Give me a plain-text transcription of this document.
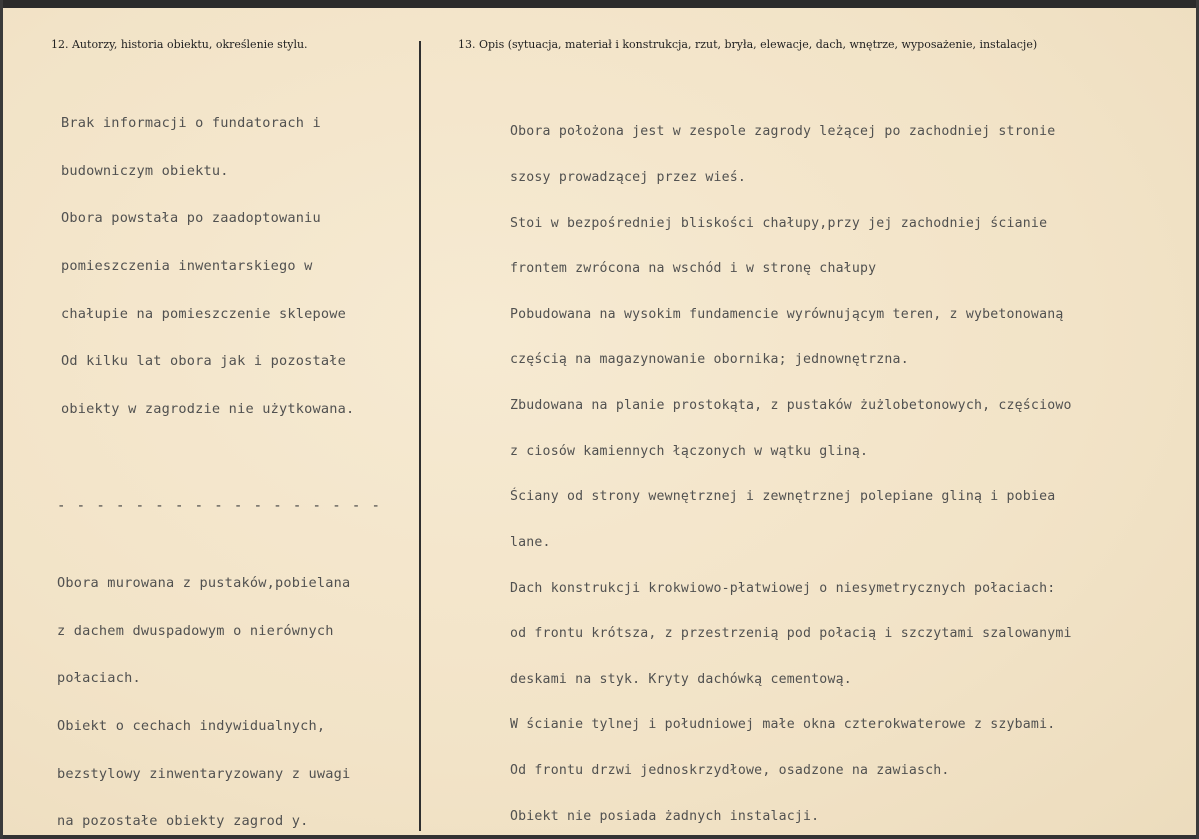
12. Autorzy, historia obiektu, określenie stylu.	13. Opis (sytuacja, materiał i konstrukcja, rzut, bryła, elewacje, dach, wnętrze, wyposażenie, instalacje)

Brak informacji o fundatorach i

budowniczym obiektu.

Obora powstała po zaadoptowaniu

pomieszczenia inwentarskiego w

chałupie na pomieszczenie sklepowe

Od kilku lat obora jak i pozostałe

obiekty w zagrodzie nie użytkowana.

- - - - - - - - - - - - - - - - -

Obora murowana z pustaków,pobielana

z dachem dwuspadowym o nierównych

połaciach.

Obiekt o cechach indywidualnych,

bezstylowy zinwentaryzowany z uwagi

na pozostałe obiekty zagrod y.

Obora położona jest w zespole zagrody leżącej po zachodniej stronie

szosy prowadzącej przez wieś.

Stoi w bezpośredniej bliskości chałupy,przy jej zachodniej ścianie

frontem zwrócona na wschód i w stronę chałupy

Pobudowana na wysokim fundamencie wyrównującym teren, z wybetonowaną

częścią na magazynowanie obornika; jednownętrzna.

Zbudowana na planie prostokąta, z pustaków żużlobetonowych, częściowo

z ciosów kamiennych łączonych w wątku gliną.

Ściany od strony wewnętrznej i zewnętrznej polepiane gliną i pobiea

lane.

Dach konstrukcji krokwiowo-płatwiowej o niesymetrycznych połaciach:

od frontu krótsza, z przestrzenią pod połacią i szczytami szalowanymi

deskami na styk. Kryty dachówką cementową.

W ścianie tylnej i południowej małe okna czterokwaterowe z szybami.

Od frontu drzwi jednoskrzydłowe, osadzone na zawiasch.

Obiekt nie posiada żadnych instalacji.
